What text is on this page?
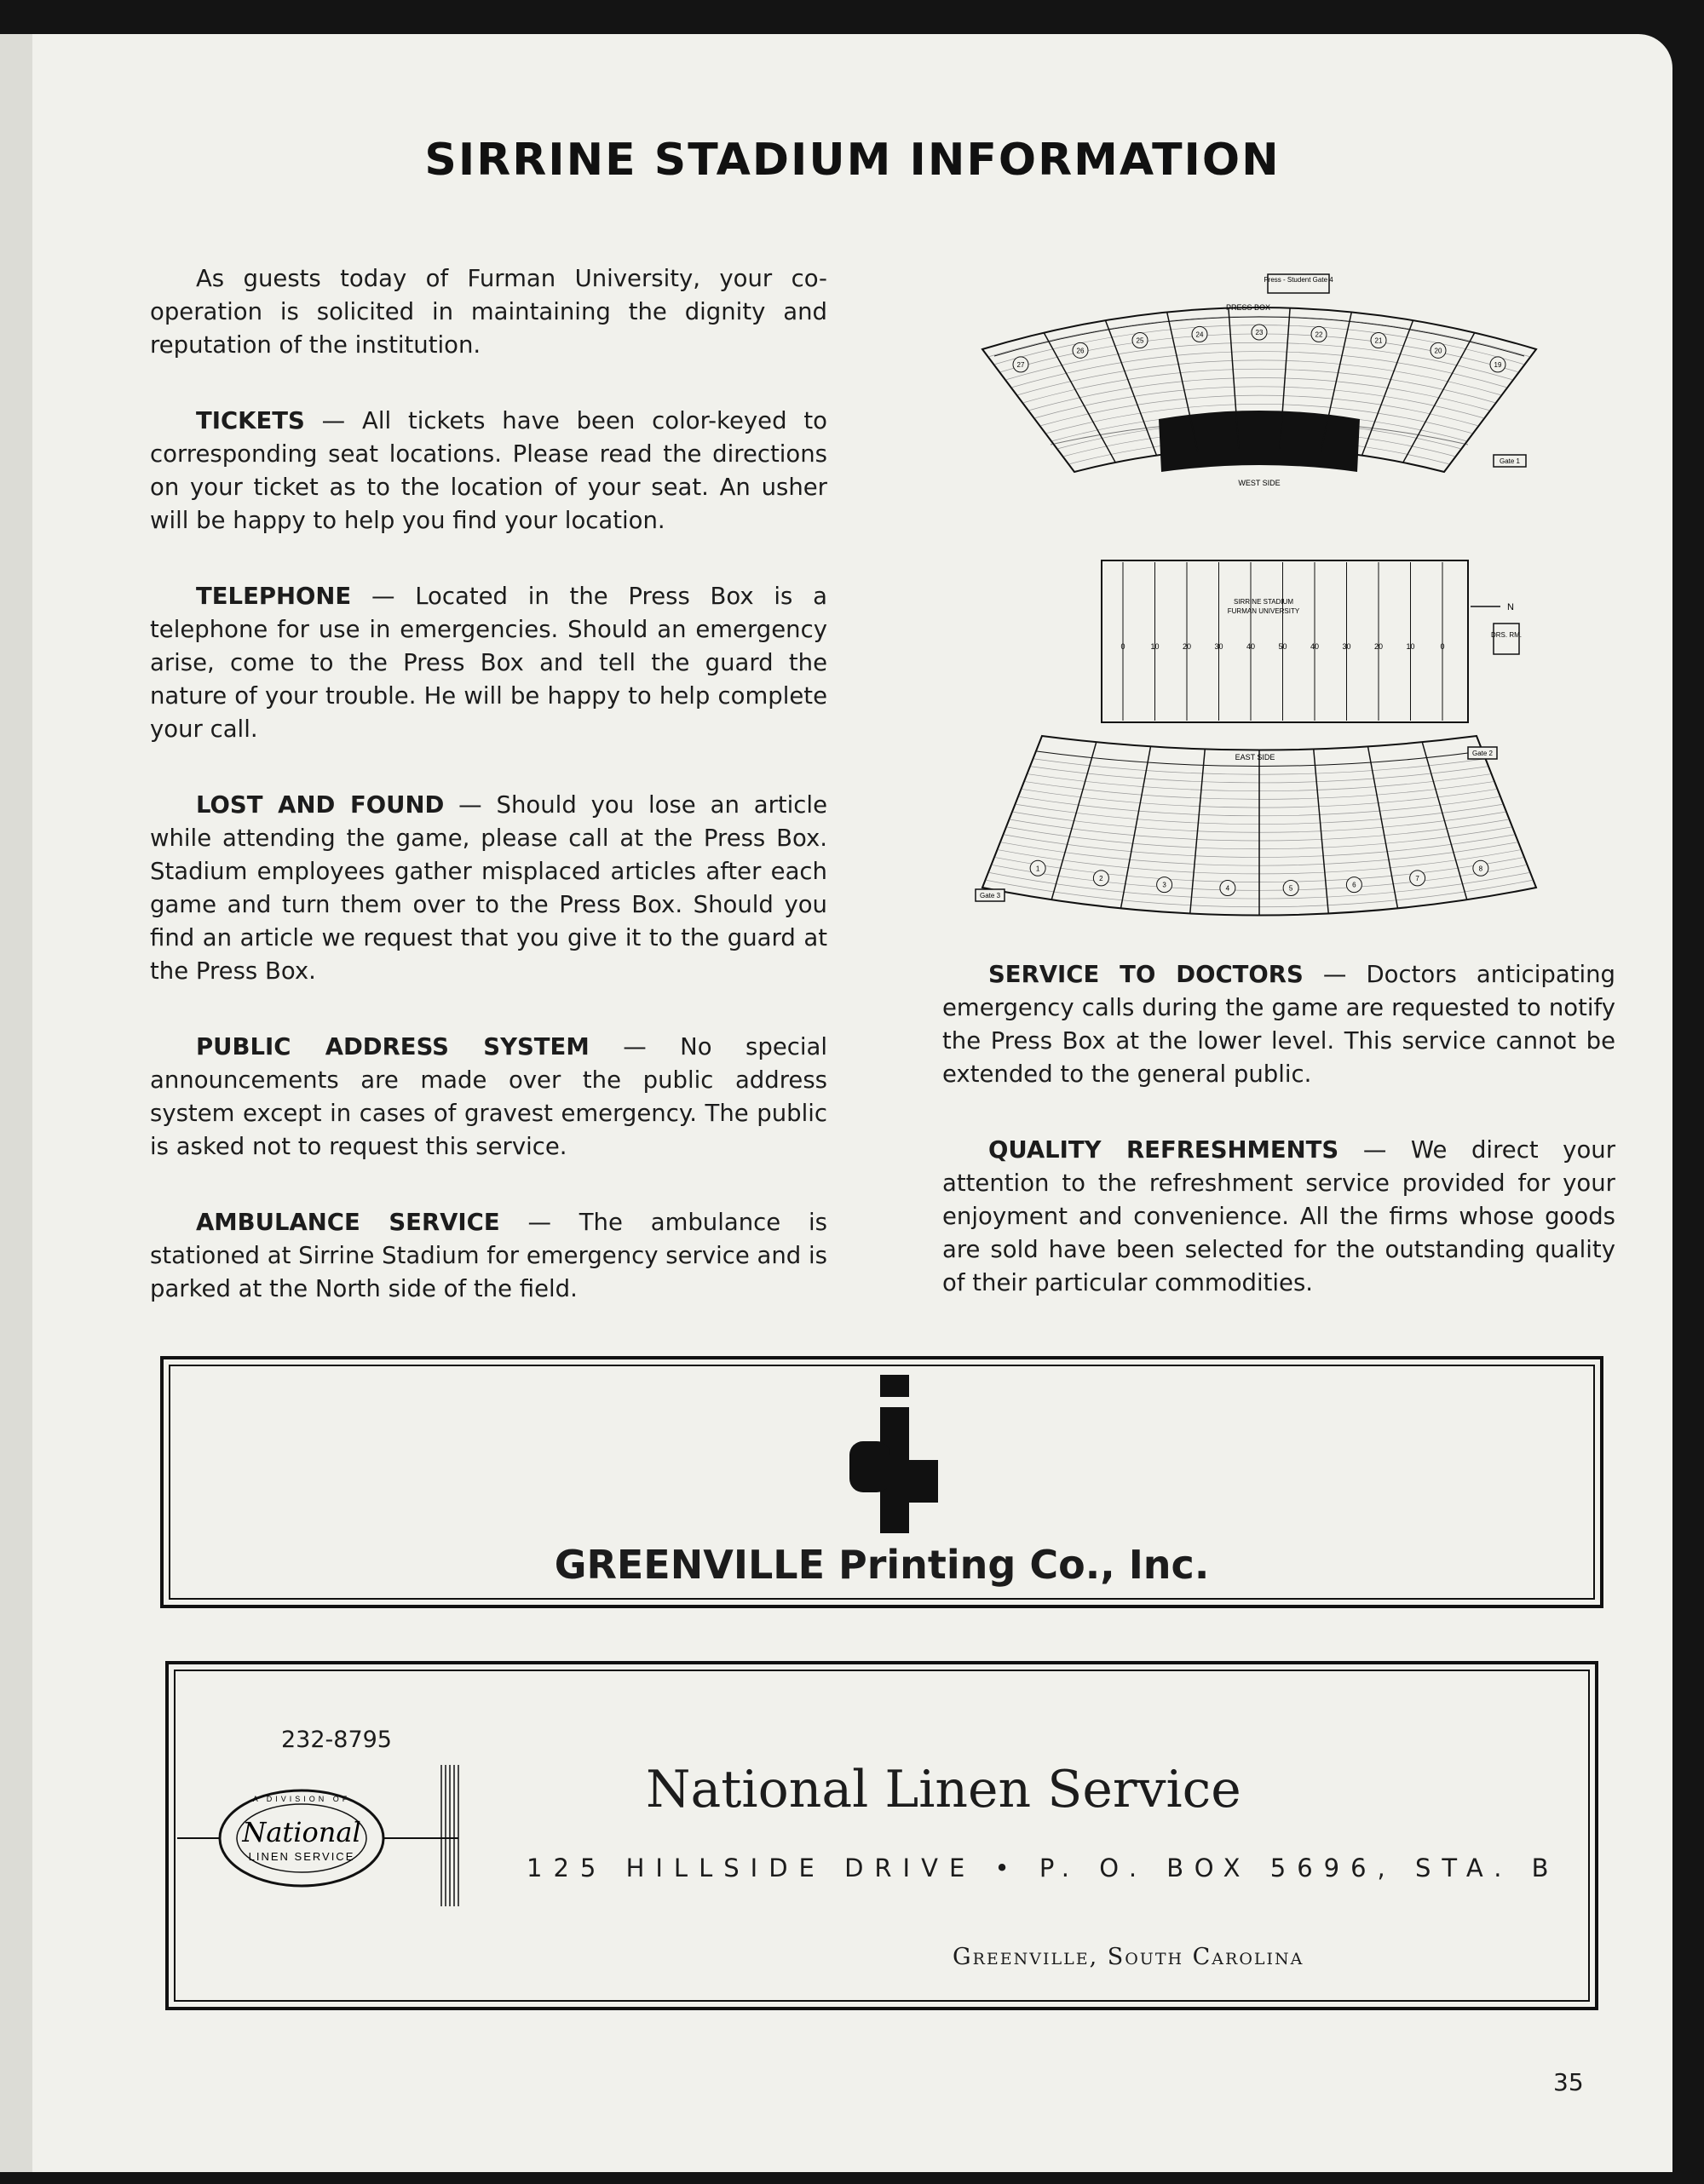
SIRRINE STADIUM INFORMATION

As guests today of Furman University, your co-operation is solicited in maintaining the dignity and reputation of the institution.

TICKETS — All tickets have been color-keyed to corresponding seat locations. Please read the directions on your ticket as to the location of your seat. An usher will be happy to help you find your location.

TELEPHONE — Located in the Press Box is a telephone for use in emergencies. Should an emergency arise, come to the Press Box and tell the guard the nature of your trouble. He will be happy to help complete your call.

LOST AND FOUND — Should you lose an article while attending the game, please call at the Press Box. Stadium employees gather misplaced articles after each game and turn them over to the Press Box. Should you find an article we request that you give it to the guard at the Press Box.

PUBLIC ADDRESS SYSTEM — No special announcements are made over the public address system except in cases of gravest emergency. The public is asked not to request this service.

AMBULANCE SERVICE — The ambulance is stationed at Sirrine Stadium for emergency service and is parked at the North side of the field.

27
26
25
24	23	22
21
20
19
Press - Student Gate 4
PRESS BOX
WEST SIDE
Gate 1
0	10	20	30	40	50	40	30	20	10	0
SIRRINE STADIUM
FURMAN UNIVERSITY	N
DRS. RM.
1
2
3	4	5	6
7
8
EAST SIDE	Gate 2
Gate 3

SERVICE TO DOCTORS — Doctors anticipating emergency calls during the game are requested to notify the Press Box at the lower level. This service cannot be extended to the general public.

QUALITY REFRESHMENTS — We direct your attention to the refreshment service provided for your enjoyment and convenience. All the firms whose goods are sold have been selected for the outstanding quality of their particular commodities.

GREENVILLE Printing Co., Inc.
232-8795
A DIVISION OF
National
LINEN SERVICE
National Linen Service
125 HILLSIDE DRIVE • P. O. BOX 5696, STA. B
Greenville, South Carolina
35
